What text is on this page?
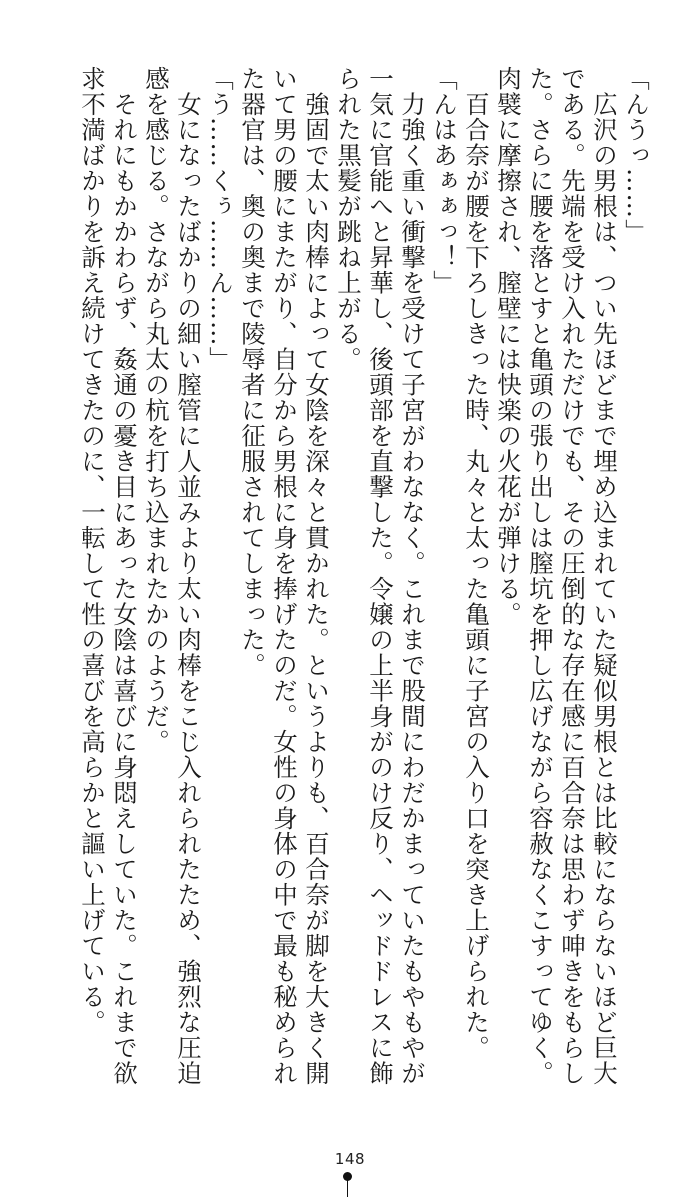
「んうっ……」
　広沢の男根は、つい先ほどまで埋め込まれていた疑似男根とは比較にならないほど巨大
である。先端を受け入れただけでも、その圧倒的な存在感に百合奈は思わず呻きをもらし
た。さらに腰を落とすと亀頭の張り出しは膣坑を押し広げながら容赦なくこすってゆく。
肉襞に摩擦され、膣壁には快楽の火花が弾ける。
　百合奈が腰を下ろしきった時、丸々と太った亀頭に子宮の入り口を突き上げられた。
「んはあぁぁっ！」
　力強く重い衝撃を受けて子宮がわななく。これまで股間にわだかまっていたもやもやが
一気に官能へと昇華し、後頭部を直撃した。令嬢の上半身がのけ反り、ヘッドドレスに飾
られた黒髪が跳ね上がる。
　強固で太い肉棒によって女陰を深々と貫かれた。というよりも、百合奈が脚を大きく開
いて男の腰にまたがり、自分から男根に身を捧げたのだ。女性の身体の中で最も秘められ
た器官は、奥の奥まで陵辱者に征服されてしまった。
「う……くぅ……ん……」
　女になったばかりの細い膣管に人並みより太い肉棒をこじ入れられたため、強烈な圧迫
感を感じる。さながら丸太の杭を打ち込まれたかのようだ。
　それにもかかわらず、姦通の憂き目にあった女陰は喜びに身悶えしていた。これまで欲
求不満ばかりを訴え続けてきたのに、一転して性の喜びを高らかと謳い上げている。
148
